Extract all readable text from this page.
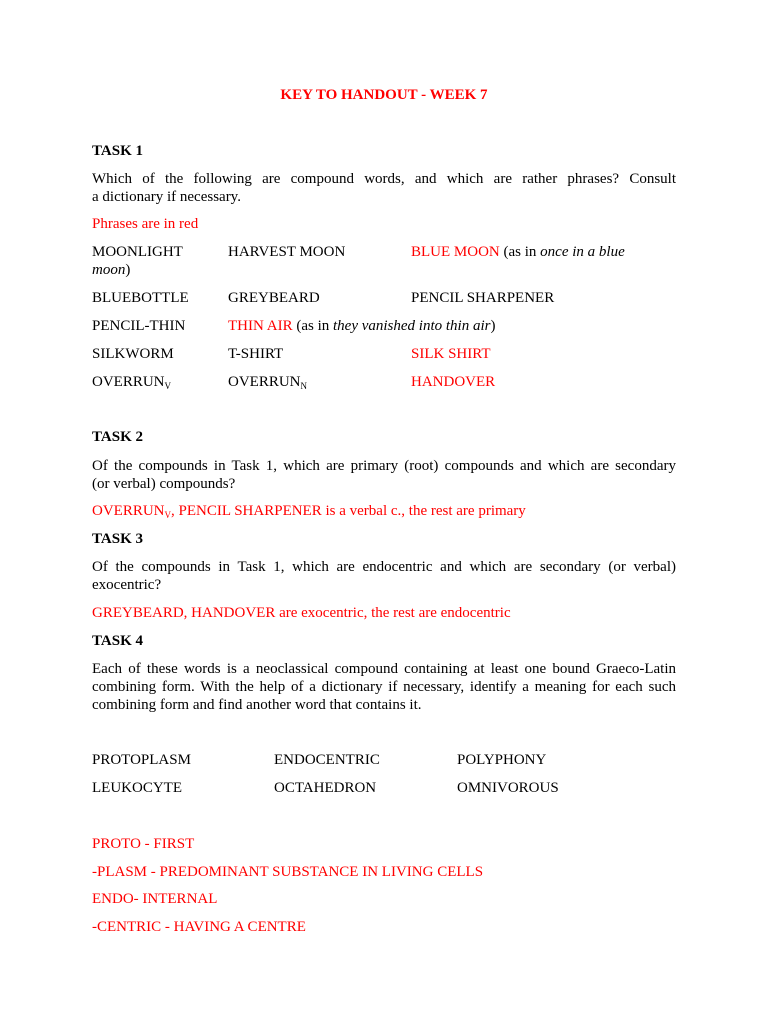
KEY TO HANDOUT - WEEK 7
TASK 1
Which of the following are compound words, and which are rather phrases? Consult
a dictionary if necessary.
Phrases are in red
MOONLIGHT	HARVEST MOON	BLUE MOON (as in once in a blue
moon)
BLUEBOTTLE	GREYBEARD	PENCIL SHARPENER
PENCIL-THIN	THIN AIR (as in they vanished into thin air)
SILKWORM	T-SHIRT	SILK SHIRT
$OVERRUN_V$	$OVERRUN_N$	HANDOVER
TASK 2
Of the compounds in Task 1, which are primary (root) compounds and which are secondary
(or verbal) compounds?
$OVERRUN_V$, PENCIL SHARPENER is a verbal c., the rest are primary
TASK 3
Of the compounds in Task 1, which are endocentric and which are secondary (or verbal)
exocentric?
GREYBEARD, HANDOVER are exocentric, the rest are endocentric
TASK 4
Each of these words is a neoclassical compound containing at least one bound Graeco-Latin
combining form. With the help of a dictionary if necessary, identify a meaning for each such
combining form and find another word that contains it.
PROTOPLASM	ENDOCENTRIC	POLYPHONY
LEUKOCYTE	OCTAHEDRON	OMNIVOROUS
PROTO - FIRST
-PLASM - PREDOMINANT SUBSTANCE IN LIVING CELLS
ENDO- INTERNAL
-CENTRIC - HAVING A CENTRE
